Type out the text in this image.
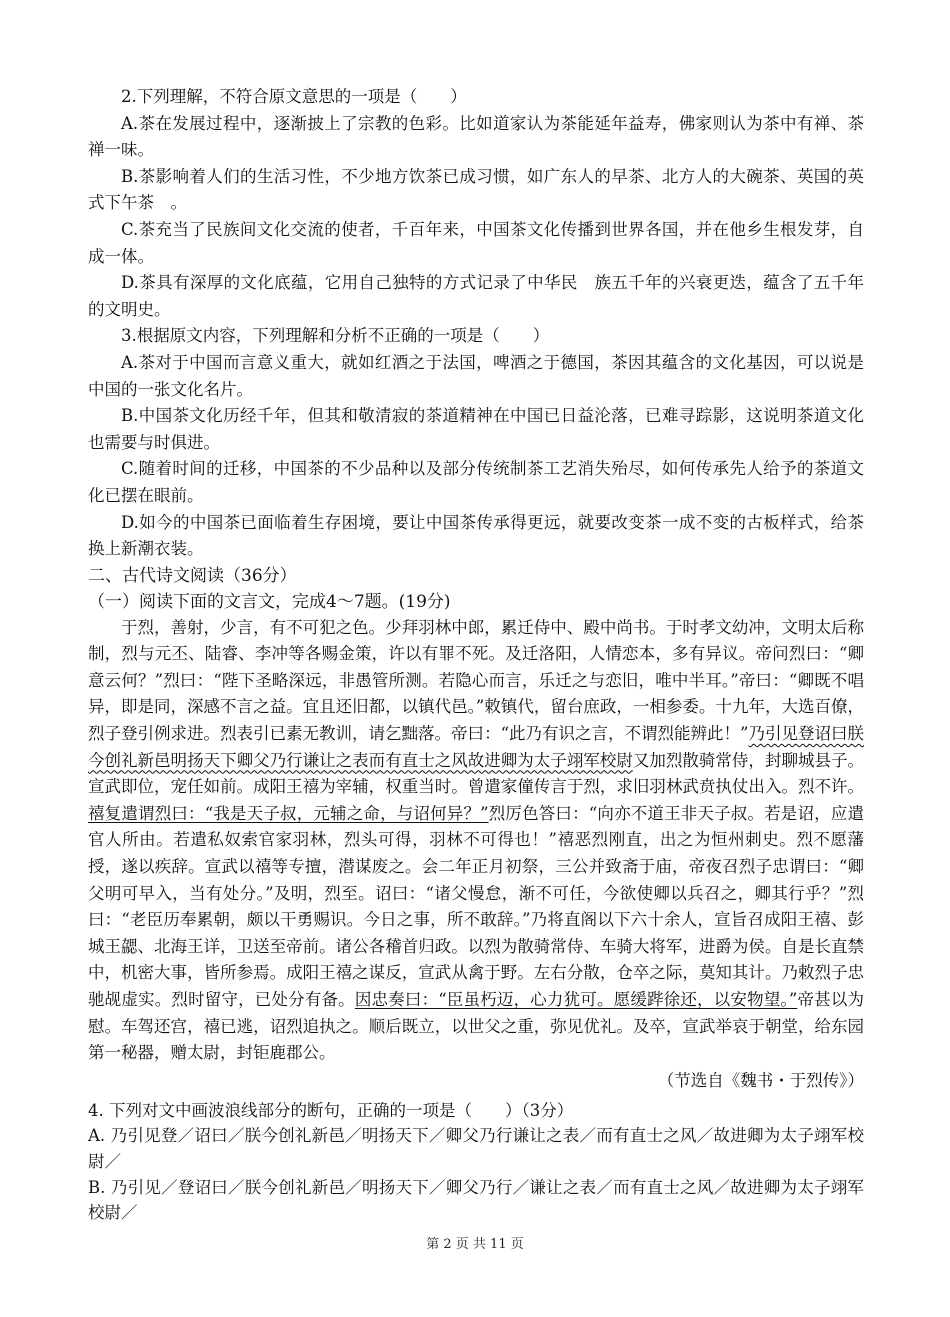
2.下列理解，不符合原文意思的一项是（　　）

A.茶在发展过程中，逐渐披上了宗教的色彩。比如道家认为茶能延年益寿，佛家则认为茶中有禅、茶禅一味。

B.茶影响着人们的生活习性，不少地方饮茶已成习惯，如广东人的早茶、北方人的大碗茶、英国的英式下午茶　。

C.茶充当了民族间文化交流的使者，千百年来，中国茶文化传播到世界各国，并在他乡生根发芽，自成一体。

D.茶具有深厚的文化底蕴，它用自己独特的方式记录了中华民　族五千年的兴衰更迭，蕴含了五千年的文明史。

3.根据原文内容，下列理解和分析不正确的一项是（　　）

A.茶对于中国而言意义重大，就如红酒之于法国，啤酒之于德国，茶因其蕴含的文化基因，可以说是中国的一张文化名片。

B.中国茶文化历经千年，但其和敬清寂的茶道精神在中国已日益沦落，已难寻踪影，这说明茶道文化也需要与时俱进。

C.随着时间的迁移，中国茶的不少品种以及部分传统制茶工艺消失殆尽，如何传承先人给予的茶道文化已摆在眼前。

D.如今的中国茶已面临着生存困境，要让中国茶传承得更远，就要改变茶一成不变的古板样式，给茶换上新潮衣装。

二、古代诗文阅读（36分）

（一）阅读下面的文言文，完成4～7题。(19分)

于烈，善射，少言，有不可犯之色。少拜羽林中郎，累迁侍中、殿中尚书。于时孝文幼冲，文明太后称制，烈与元丕、陆睿、李冲等各赐金策，许以有罪不死。及迁洛阳，人情恋本，多有异议。帝问烈曰：“卿意云何？”烈曰：“陛下圣略深远，非愚管所测。若隐心而言，乐迁之与恋旧，唯中半耳。”帝曰：“卿既不唱异，即是同，深感不言之益。宜且还旧都，以镇代邑。”敕镇代，留台庶政，一相参委。十九年，大选百僚，烈子登引例求进。烈表引已素无教训，请乞黜落。帝曰：“此乃有识之言，不谓烈能辨此！”乃引见登诏曰朕今创礼新邑明扬天下卿父乃行谦让之表而有直士之风故进卿为太子翊军校尉又加烈散骑常侍，封聊城县子。宣武即位，宠任如前。成阳王禧为宰辅，权重当时。曾遣家僮传言于烈，求旧羽林武贲执仗出入。烈不许。禧复遣谓烈曰：“我是天子叔，元辅之命，与诏何异？”烈厉色答曰：“向亦不道王非天子叔。若是诏，应遣官人所由。若遣私奴索官家羽林，烈头可得，羽林不可得也！”禧恶烈刚直，出之为恒州刺史。烈不愿藩授，遂以疾辞。宣武以禧等专擅，潜谋废之。会二年正月初祭，三公并致斋于庙，帝夜召烈子忠谓曰：“卿父明可早入，当有处分。”及明，烈至。诏曰：“诸父慢怠，渐不可任，今欲使卿以兵召之，卿其行乎？”烈曰：“老臣历奉累朝，颇以干勇赐识。今日之事，所不敢辞。”乃将直阁以下六十余人，宣旨召成阳王禧、彭城王勰、北海王详，卫送至帝前。诸公各稽首归政。以烈为散骑常侍、车骑大将军，进爵为侯。自是长直禁中，机密大事，皆所参焉。成阳王禧之谋反，宣武从禽于野。左右分散，仓卒之际，莫知其计。乃敕烈子忠驰觇虚实。烈时留守，已处分有备。因忠奏曰：“臣虽朽迈，心力犹可。愿缓跸徐还，以安物望。”帝甚以为慰。车驾还宫，禧已逃，诏烈追执之。顺后既立，以世父之重，弥见优礼。及卒，宣武举哀于朝堂，给东园第一秘器，赠太尉，封钜鹿郡公。

（节选自《魏书・于烈传》）

4. 下列对文中画波浪线部分的断句，正确的一项是（　　）（3分）

A. 乃引见登／诏曰／朕今创礼新邑／明扬天下／卿父乃行谦让之表／而有直士之风／故进卿为太子翊军校尉／

B. 乃引见／登诏曰／朕今创礼新邑／明扬天下／卿父乃行／谦让之表／而有直士之风／故进卿为太子翊军校尉／

第 2 页 共 11 页
